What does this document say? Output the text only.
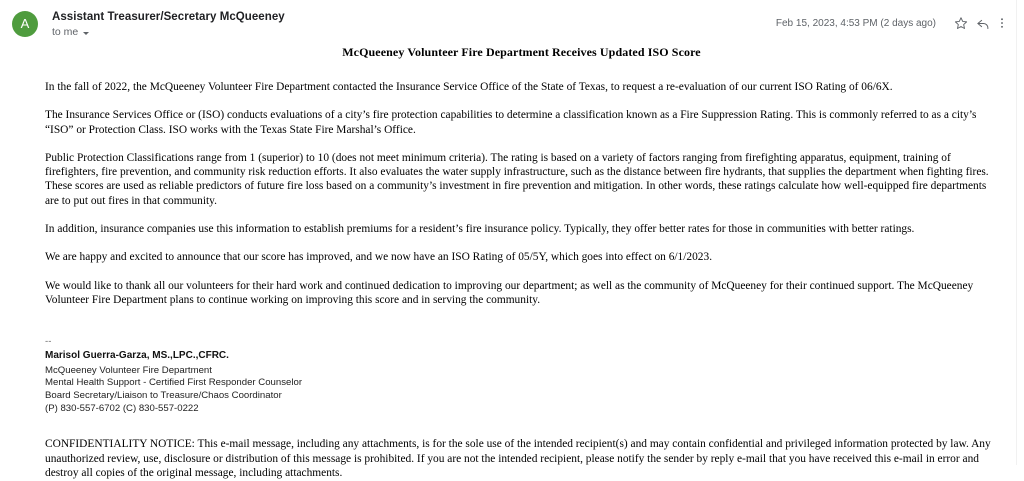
A	Assistant Treasurer/Secretary McQueeney
to me
Feb 15, 2023, 4:53 PM (2 days ago)
McQueeney Volunteer Fire Department Receives Updated ISO Score

In the fall of 2022, the McQueeney Volunteer Fire Department contacted the Insurance Service Office of the State of Texas, to request a re-evaluation of our current ISO Rating of 06/6X.

The Insurance Services Office or (ISO) conducts evaluations of a city’s fire protection capabilities to determine a classification known as a Fire Suppression Rating. This is commonly referred to as a city’s “ISO” or Protection Class. ISO works with the Texas State Fire Marshal’s Office.

Public Protection Classifications range from 1 (superior) to 10 (does not meet minimum criteria). The rating is based on a variety of factors ranging from firefighting apparatus, equipment, training of firefighters, fire prevention, and community risk reduction efforts. It also evaluates the water supply infrastructure, such as the distance between fire hydrants, that supplies the department when fighting fires. These scores are used as reliable predictors of future fire loss based on a community’s investment in fire prevention and mitigation. In other words, these ratings calculate how well-equipped fire departments are to put out fires in that community.

In addition, insurance companies use this information to establish premiums for a resident’s fire insurance policy. Typically, they offer better rates for those in communities with better ratings.

We are happy and excited to announce that our score has improved, and we now have an ISO Rating of 05/5Y, which goes into effect on 6/1/2023.

We would like to thank all our volunteers for their hard work and continued dedication to improving our department; as well as the community of McQueeney for their continued support. The McQueeney Volunteer Fire Department plans to continue working on improving this score and in serving the community.

--
Marisol Guerra-Garza, MS.,LPC.,CFRC.
McQueeney Volunteer Fire Department
Mental Health Support - Certified First Responder Counselor
Board Secretary/Liaison to Treasure/Chaos Coordinator
(P) 830-557-6702 (C) 830-557-0222
CONFIDENTIALITY NOTICE: This e-mail message, including any attachments, is for the sole use of the intended recipient(s) and may contain confidential and privileged information protected by law. Any unauthorized review, use, disclosure or distribution of this message is prohibited. If you are not the intended recipient, please notify the sender by reply e-mail that you have received this e-mail in error and destroy all copies of the original message, including attachments.
